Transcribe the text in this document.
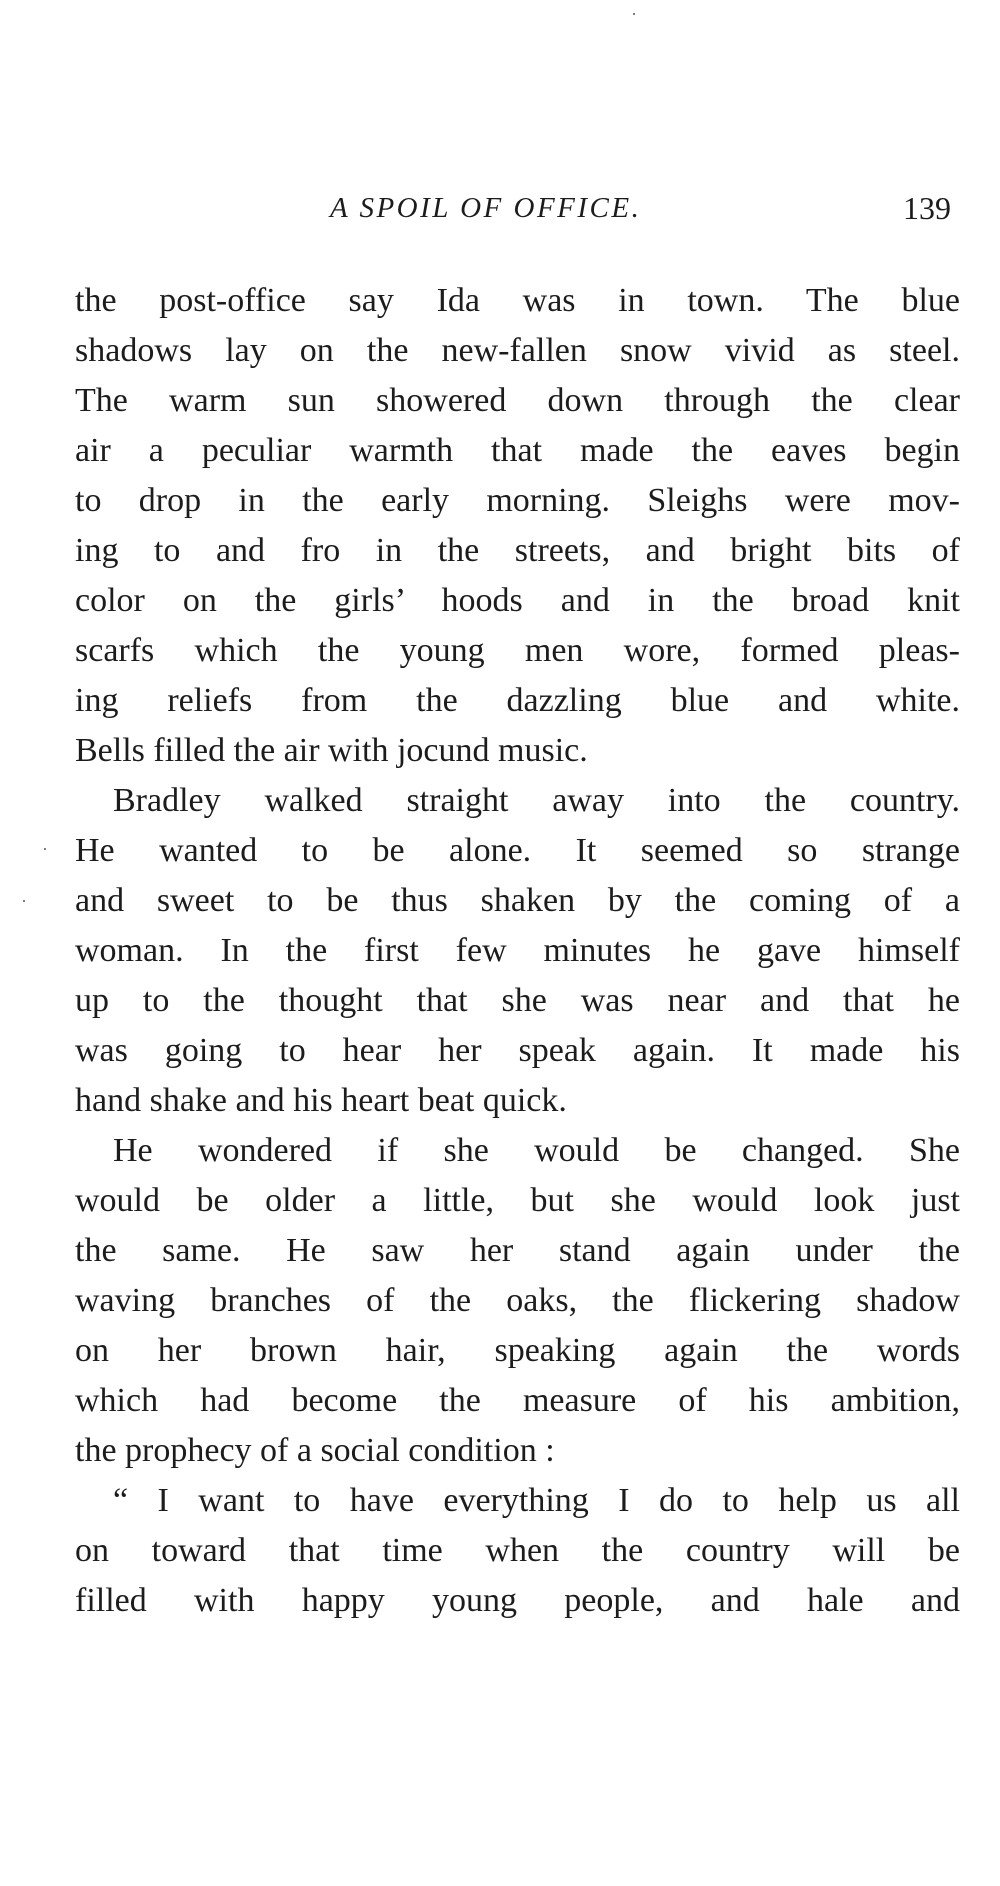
A SPOIL OF OFFICE.	139
the post-office say Ida was in town. The blue
shadows lay on the new-fallen snow vivid as steel.
The warm sun showered down through the clear
air a peculiar warmth that made the eaves begin
to drop in the early morning. Sleighs were mov-
ing to and fro in the streets, and bright bits of
color on the girls’ hoods and in the broad knit
scarfs which the young men wore, formed pleas-
ing reliefs from the dazzling blue and white.
Bells filled the air with jocund music.
Bradley walked straight away into the country.
He wanted to be alone. It seemed so strange
and sweet to be thus shaken by the coming of a
woman. In the first few minutes he gave himself
up to the thought that she was near and that he
was going to hear her speak again. It made his
hand shake and his heart beat quick.
He wondered if she would be changed. She
would be older a little, but she would look just
the same. He saw her stand again under the
waving branches of the oaks, the flickering shadow
on her brown hair, speaking again the words
which had become the measure of his ambition,
the prophecy of a social condition :
“ I want to have everything I do to help us all
on toward that time when the country will be
filled with happy young people, and hale and
